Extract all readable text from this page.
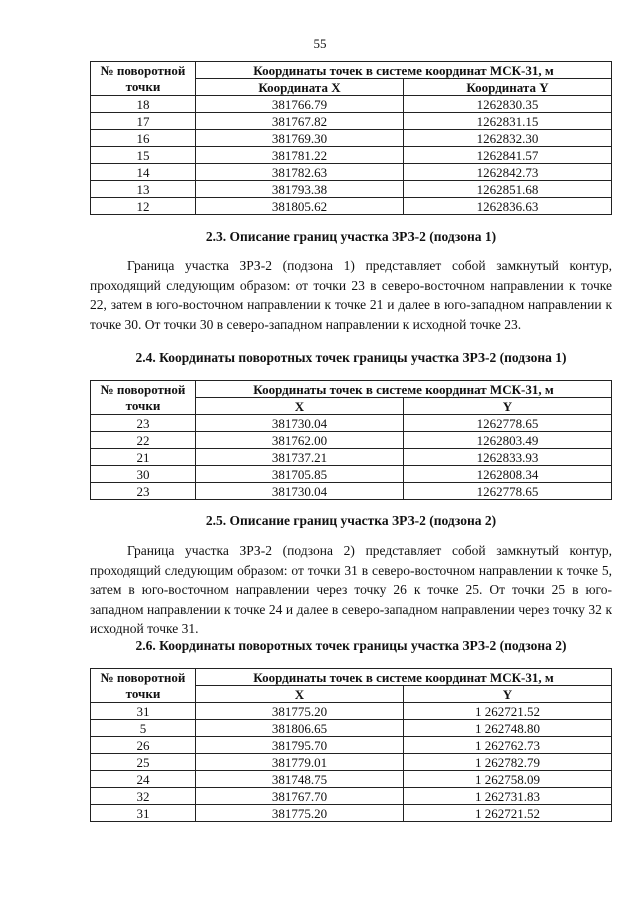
55
№ поворотной
точки	Координаты точек в системе координат МСК-31, м	
	Координата X	Координата Y
18	381766.79	1262830.35
17	381767.82	1262831.15
16	381769.30	1262832.30
15	381781.22	1262841.57
14	381782.63	1262842.73
13	381793.38	1262851.68
12	381805.62	1262836.63
2.3. Описание границ участка ЗРЗ-2 (подзона 1)

Граница участка ЗРЗ-2 (подзона 1) представляет собой замкнутый контур, проходящий следующим образом: от точки 23 в северо-восточном направлении к точке 22, затем в юго-восточном направлении к точке 21 и далее в юго-западном направлении к точке 30. От точки 30 в северо-западном направлении к исходной точке 23.

2.4. Координаты поворотных точек границы участка ЗРЗ-2 (подзона 1)
№ поворотной
точки	Координаты точек в системе координат МСК-31, м	
	X	Y
23	381730.04	1262778.65
22	381762.00	1262803.49
21	381737.21	1262833.93
30	381705.85	1262808.34
23	381730.04	1262778.65
2.5. Описание границ участка ЗРЗ-2 (подзона 2)

Граница участка ЗРЗ-2 (подзона 2) представляет собой замкнутый контур, проходящий следующим образом: от точки 31 в северо-восточном направлении к точке 5, затем в юго-восточном направлении через точку 26 к точке 25. От точки 25 в юго-западном направлении к точке 24 и далее в северо-западном направлении через точку 32 к исходной точке 31.

2.6. Координаты поворотных точек границы участка ЗРЗ-2 (подзона 2)
№ поворотной
точки	Координаты точек в системе координат МСК-31, м	
	X	Y
31	381775.20	1 262721.52
5	381806.65	1 262748.80
26	381795.70	1 262762.73
25	381779.01	1 262782.79
24	381748.75	1 262758.09
32	381767.70	1 262731.83
31	381775.20	1 262721.52
